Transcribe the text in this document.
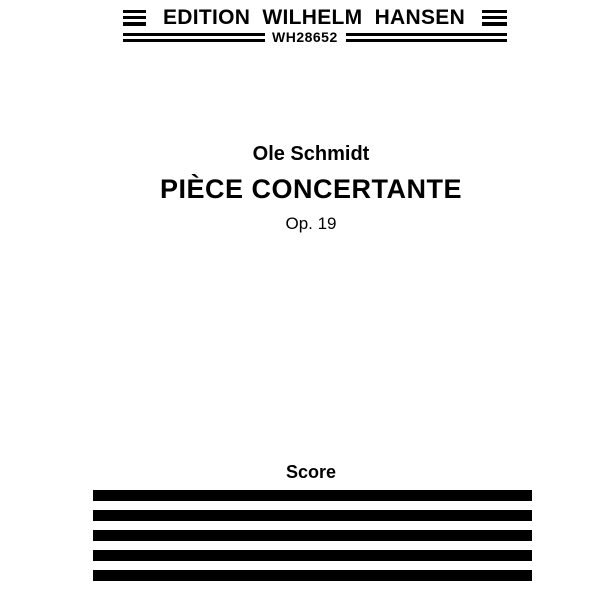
EDITION WILHELM HANSEN
WH28652
Ole Schmidt
PIÈCE CONCERTANTE
Op. 19
Score
